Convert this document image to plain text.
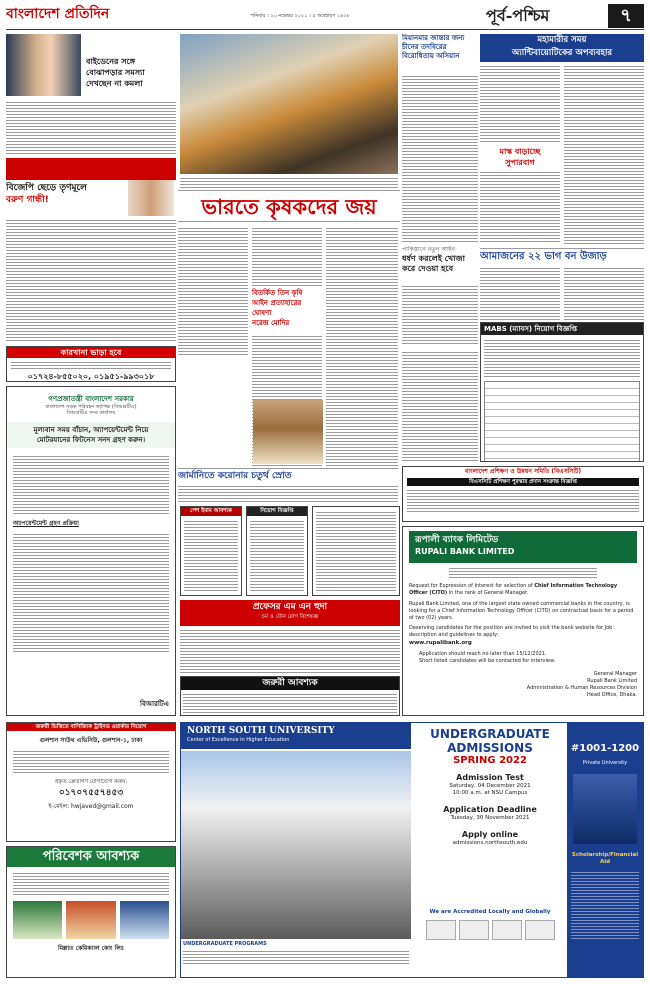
বাংলাদেশ প্রতিদিন	শনিবার । ২০ নভেম্বর ২০২১ । ৫ অগ্রহায়ণ ১৪২৮	পূর্ব-পশ্চিম	৭
বাইডেনের সঙ্গে
বোঝাপড়ার সমস্যা
দেখছেন না কমলা
ভারতে কৃষকদের জয়
বিতর্কিত তিন কৃষি
আইন প্রত্যাহারের ঘোষণা
নরেন্দ্র মোদির
বিজেপি ছেড়ে তৃণমূলে
বরুণ গান্ধী!
কারখানা ভাড়া হবে
০১৭২৪-৮৫৫০২০, ০১৯৫১-৯৯৩০১৮
মিয়ানমার জান্তার জন্য চীনের তদবিরের বিরোধিতায় অসিয়ান
মহামারীর সময়
অ্যান্টিবায়োটিকের অপব্যবহার
মাস্ক বাড়াচ্ছে
সুপারবাগ
আমাজনের ২২ ভাগ বন উজাড়
পাকিস্তানে নতুন আইন
ধর্ষণ করলেই খোজা
করে দেওয়া হবে
MABS (ম্যাবস) নিয়োগ বিজ্ঞপ্তি
জার্মানিতে করোনার চতুর্থ স্রোত
গণপ্রজাতন্ত্রী বাংলাদেশ সরকার
বাংলাদেশ সড়ক পরিবহন কর্তৃপক্ষ (বিআরটিএ)
বিআরটিএ সদর কার্যালয়
মূল্যবান সময় বাঁচান, অ্যাপয়েন্টমেন্ট নিয়ে
মোটরযানের ফিটনেস সনদ গ্রহণ করুন।
অ্যাপয়েন্টমেন্ট গ্রহণ প্রক্রিয়া
বিআরটিএ
পেশ ইমাম আবশ্যক	নিয়োগ বিজ্ঞপ্তি
প্রফেসর এম এন হুদা
চর্ম ও যৌন রোগ বিশেষজ্ঞ
জরুরী আবশ্যক
বাংলাদেশ প্রশিক্ষণ ও উন্নয়ন সমিতি (বিএসসিটি)
বিএসসিটি প্রশিক্ষণ পুরস্কার প্রদান সংক্রান্ত বিজ্ঞপ্তি
রূপালী ব্যাংক লিমিটেড
RUPALI BANK LIMITED
Request for Expression of Interest for selection of Chief Information Technology Officer (CITO) in the rank of General Manager.
Rupali Bank Limited, one of the largest state owned commercial banks in the country, is looking for a Chief Information Technology Officer (CITO) on contractual basis for a period of two (02) years.
Deserving candidates for the position are invited to visit the bank website for Job description and guidelines to apply:
www.rupalibank.org
Application should reach no later than 15/12/2021.
Short listed candidates will be contacted for interview.
General Manager
Rupali Bank Limited
Administration & Human Resources Division
Head Office, Dhaka.
জরুরী ভিত্তিতে বাণিজ্যিক ট্রাইনড ওয়ার্কার নিয়োগ
গুলশান সাউথ এভিনিউ, গুলশান-১, ঢাকা
প্রকৃত ক্রেতাগণ যোগাযোগ করুন:
০১৭০৭৫৫৭৪৫৩
ই-মেইল: hwjaved@gmail.com
পরিবেশক আবশ্যক
মিল্লাত কেমিক্যাল কোং লিঃ
NORTH SOUTH UNIVERSITY
Center of Excellence in Higher Education
UNDERGRADUATE PROGRAMS
UNDERGRADUATE
ADMISSIONS
SPRING 2022
Admission Test
Saturday, 04 December 2021
10:00 a.m. at NSU Campus
Application Deadline
Tuesday, 30 November 2021
Apply online
admissions.northsouth.edu
We are Accredited Locally and Globally
#1001-1200
Private University
Scholarship/Financial Aid
